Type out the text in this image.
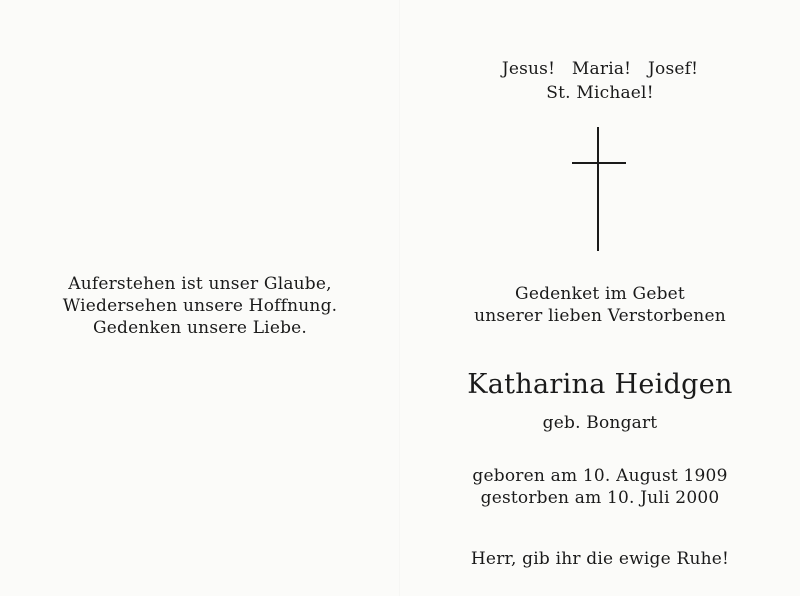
Auferstehen ist unser Glaube,
Wiedersehen unsere Hoffnung.
Gedenken unsere Liebe.
Jesus!   Maria!   Josef!
St. Michael!
Gedenket im Gebet
unserer lieben Verstorbenen
Katharina Heidgen
geb. Bongart
geboren am 10. August 1909
gestorben am 10. Juli 2000
Herr, gib ihr die ewige Ruhe!
